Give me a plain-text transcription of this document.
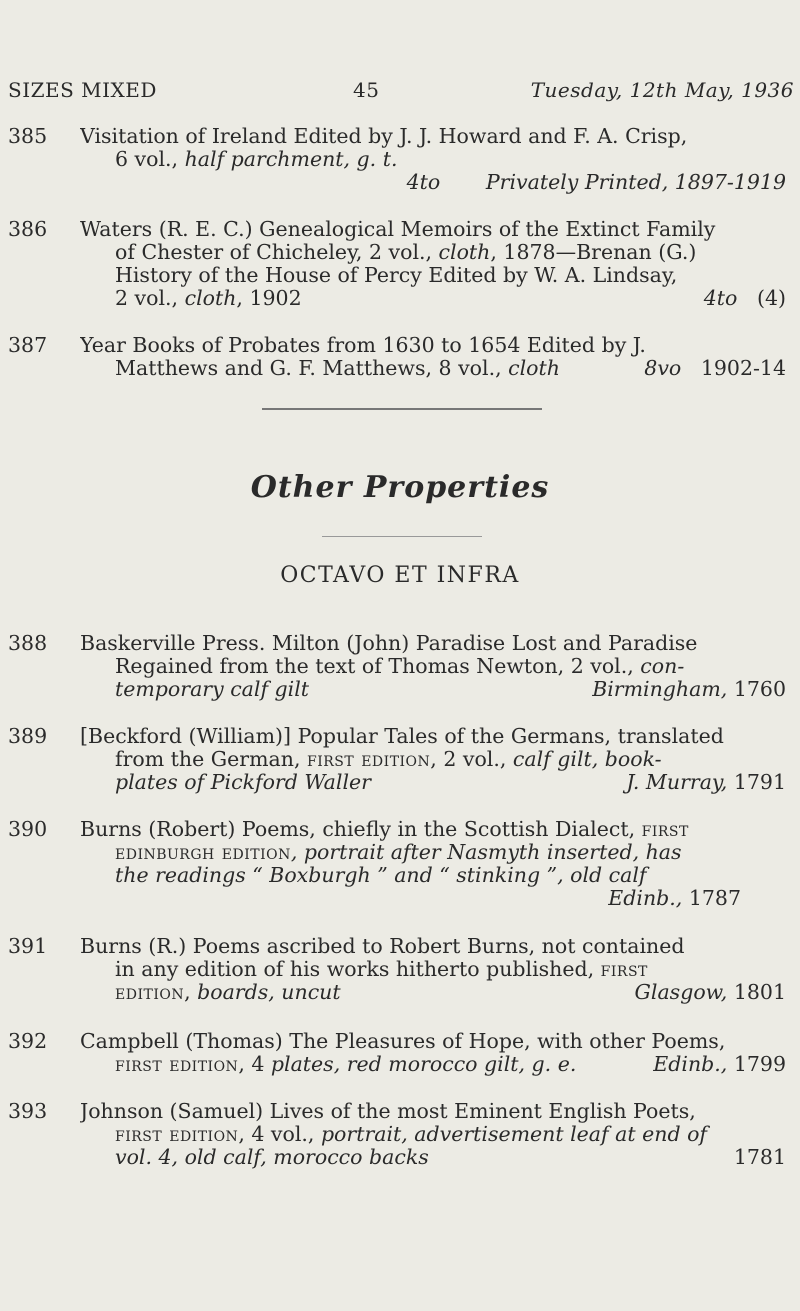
SIZES MIXED	45	Tuesday, 12th May, 1936
385	Visitation of Ireland Edited by J. J. Howard and F. A. Crisp,
6 vol., half parchment, g. t.
4to Privately Printed, 1897-1919
386	Waters (R. E. C.) Genealogical Memoirs of the Extinct Family
of Chester of Chicheley, 2 vol., cloth, 1878—Brenan (G.)
History of the House of Percy Edited by W. A. Lindsay,
2 vol., cloth, 1902	4to (4)
387	Year Books of Probates from 1630 to 1654 Edited by J.
Matthews and G. F. Matthews, 8 vol., cloth	8vo 1902-14
Other Properties
OCTAVO ET INFRA
388	Baskerville Press. Milton (John) Paradise Lost and Paradise
Regained from the text of Thomas Newton, 2 vol., con-
temporary calf gilt	Birmingham, 1760
389	[Beckford (William)] Popular Tales of the Germans, translated
from the German, first edition, 2 vol., calf gilt, book-
plates of Pickford Waller	J. Murray, 1791
390	Burns (Robert) Poems, chiefly in the Scottish Dialect, first
edinburgh edition, portrait after Nasmyth inserted, has
the readings “ Boxburgh ” and “ stinking ”, old calf
Edinb., 1787
391	Burns (R.) Poems ascribed to Robert Burns, not contained
in any edition of his works hitherto published, first
edition, boards, uncut	Glasgow, 1801
392	Campbell (Thomas) The Pleasures of Hope, with other Poems,
first edition, 4 plates, red morocco gilt, g. e.	Edinb., 1799
393	Johnson (Samuel) Lives of the most Eminent English Poets,
first edition, 4 vol., portrait, advertisement leaf at end of
vol. 4, old calf, morocco backs	1781
